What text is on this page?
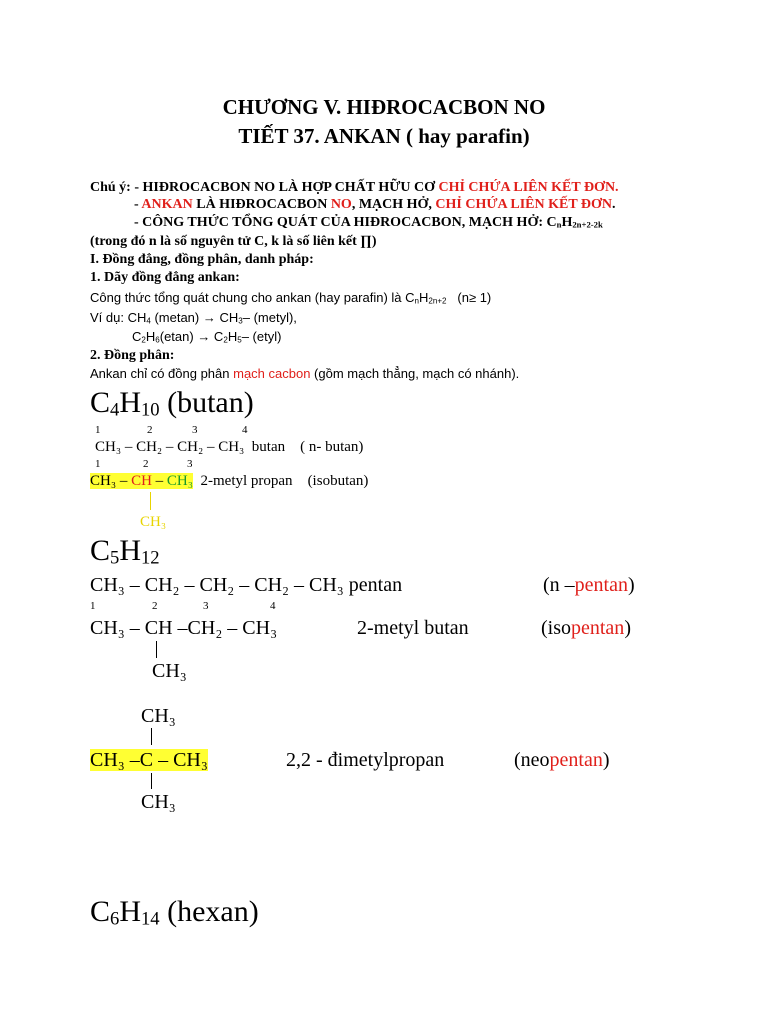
CHƯƠNG V. HIĐROCACBON NO
TIẾT 37. ANKAN ( hay parafin)
Chú ý: - HIĐROCACBON NO LÀ HỢP CHẤT HỮU CƠ CHỈ CHỨA LIÊN KẾT ĐƠN.
- ANKAN LÀ HIĐROCACBON NO, MẠCH HỞ, CHỈ CHỨA LIÊN KẾT ĐƠN.
- CÔNG THỨC TỔNG QUÁT CỦA HIĐROCACBON, MẠCH HỞ: $C_nH_{2n+2-2k}$
(trong đó n là số nguyên tử C, k là số liên kết ∏)
I. Đồng đẳng, đồng phân, danh pháp:
1. Dãy đồng đẳng ankan:
Công thức tổng quát chung cho ankan (hay parafin) là $C_nH_{2n+2}$ (n≥ 1)
Ví dụ: $CH_4$ $(metan) \to CH_3-$ (metyl),
$C_2H_6(etan) \to C_2H_5-$ (etyl)
2. Đồng phân:
Ankan chỉ có đồng phân mạch cacbon (gồm mạch thẳng, mạch có nhánh).
$C_4H_{10}$ (butan)
1	2	3	4
CH₃ – CH₂ – CH₂ – CH₃ butan ( n- butan)
1	2	3
CH₃ – CH – CH₃ 2-metyl propan (isobutan)
CH₃
$C_5H_{12}$
CH₃ – CH₂ – CH₂ – CH₂ – CH₃ pentan	(n –pentan)
1	2	3	4
CH₃ – CH –CH₂ – CH₃	2-metyl butan	(isopentan)
CH₃
CH₃
CH₃ –C – CH₃	2,2 - đimetylpropan	(neopentan)
CH₃
$C_6H_{14}$ (hexan)
